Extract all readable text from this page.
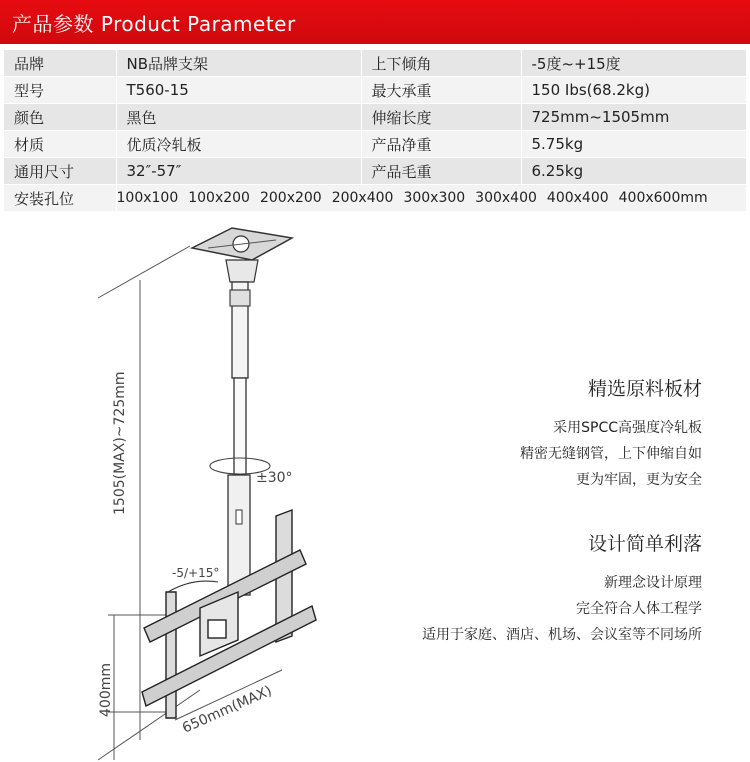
产品参数 Product Parameter
品牌	NB品牌支架	上下倾角	-5度~+15度
型号	T560-15	最大承重	150 Ibs(68.2kg)
颜色	黑色	伸缩长度	725mm~1505mm
材质	优质冷轧板	产品净重	5.75kg
通用尺寸	32″-57″	产品毛重	6.25kg
安装孔位	100x100 100x200 200x200 200x400 300x300 300x400 400x400 400x600mm		
1505(MAX)~725mm	±30°
-5/+15°
400mm	650mm(MAX)
精选原料板材
采用SPCC高强度冷轧板
精密无缝钢管，上下伸缩自如
更为牢固，更为安全
设计简单利落
新理念设计原理
完全符合人体工程学
适用于家庭、酒店、机场、会议室等不同场所
